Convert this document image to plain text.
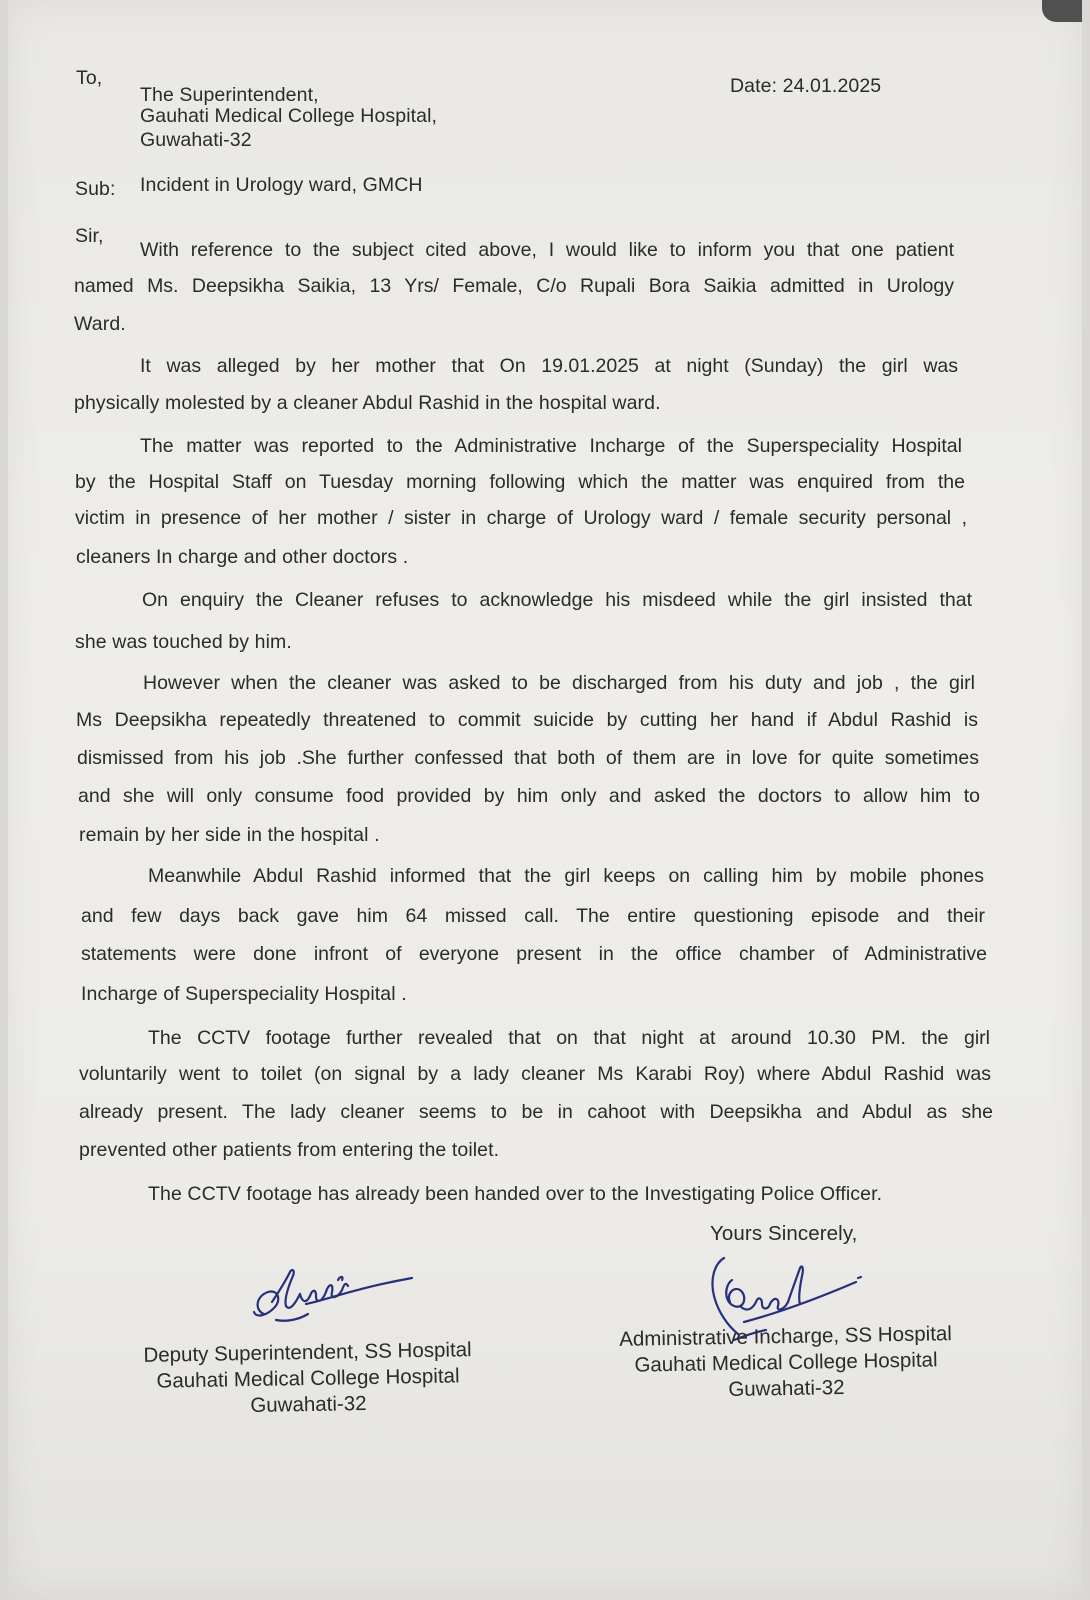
To,
The Superintendent,
Gauhati Medical College Hospital,
Guwahati-32
Date: 24.01.2025
Sub: Incident in Urology ward, GMCH
Sir,
With reference to the subject cited above, I would like to inform you that one patient
named Ms. Deepsikha Saikia, 13 Yrs/ Female, C/o Rupali Bora Saikia admitted in Urology
Ward.
It was alleged by her mother that On 19.01.2025 at night (Sunday) the girl was
physically molested by a cleaner Abdul Rashid in the hospital ward.
The matter was reported to the Administrative Incharge of the Superspeciality Hospital
by the Hospital Staff on Tuesday morning following which the matter was enquired from the
victim in presence of her mother / sister in charge of Urology ward / female security personal ,
cleaners In charge and other doctors .
On enquiry the Cleaner refuses to acknowledge his misdeed while the girl insisted that
she was touched by him.
However when the cleaner was asked to be discharged from his duty and job , the girl
Ms Deepsikha repeatedly threatened to commit suicide by cutting her hand if Abdul Rashid is
dismissed from his job .She further confessed that both of them are in love for quite sometimes
and she will only consume food provided by him only and asked the doctors to allow him to
remain by her side in the hospital .
Meanwhile Abdul Rashid informed that the girl keeps on calling him by mobile phones
and few days back gave him 64 missed call. The entire questioning episode and their
statements were done infront of everyone present in the office chamber of Administrative
Incharge of Superspeciality Hospital .
The CCTV footage further revealed that on that night at around 10.30 PM. the girl
voluntarily went to toilet (on signal by a lady cleaner Ms Karabi Roy) where Abdul Rashid was
already present. The lady cleaner seems to be in cahoot with Deepsikha and Abdul as she
prevented other patients from entering the toilet.
The CCTV footage has already been handed over to the Investigating Police Officer.
Yours Sincerely,
Deputy Superintendent, SS Hospital
Gauhati Medical College Hospital
Guwahati-32
Administrative Incharge, SS Hospital
Gauhati Medical College Hospital
Guwahati-32
